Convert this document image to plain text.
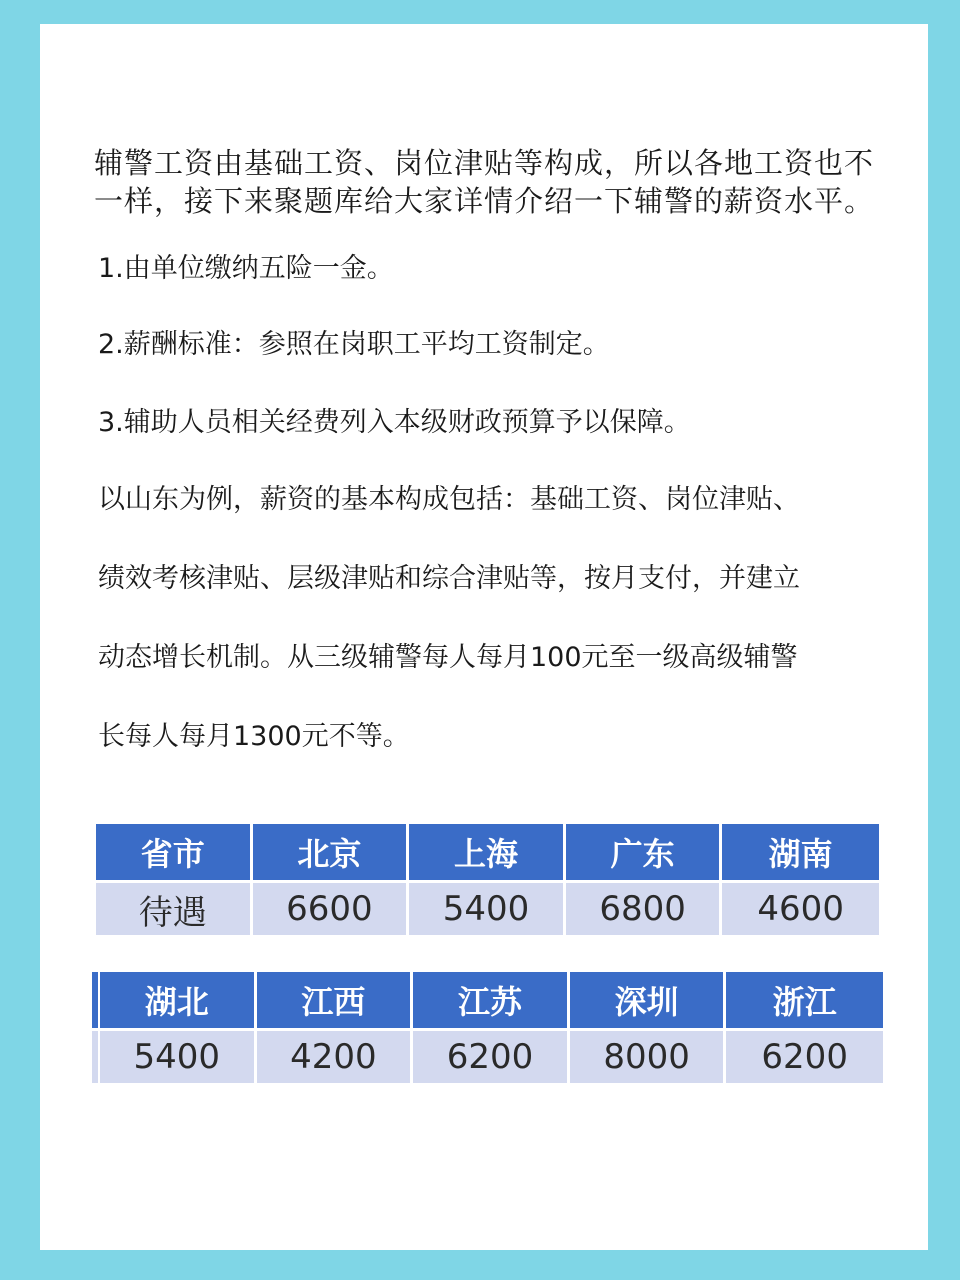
辅警工资由基础工资、岗位津贴等构成，所以各地工资也不一样，接下来聚题库给大家详情介绍一下辅警的薪资水平。
1.由单位缴纳五险一金。
2.薪酬标准：参照在岗职工平均工资制定。
3.辅助人员相关经费列入本级财政预算予以保障。
以山东为例，薪资的基本构成包括：基础工资、岗位津贴、
绩效考核津贴、层级津贴和综合津贴等，按月支付，并建立
动态增长机制。从三级辅警每人每月100元至一级高级辅警
长每人每月1300元不等。
省市	北京	上海	广东	湖南
待遇	6600	5400	6800	4600
湖北	江西	江苏	深圳	浙江
5400	4200	6200	8000	6200
